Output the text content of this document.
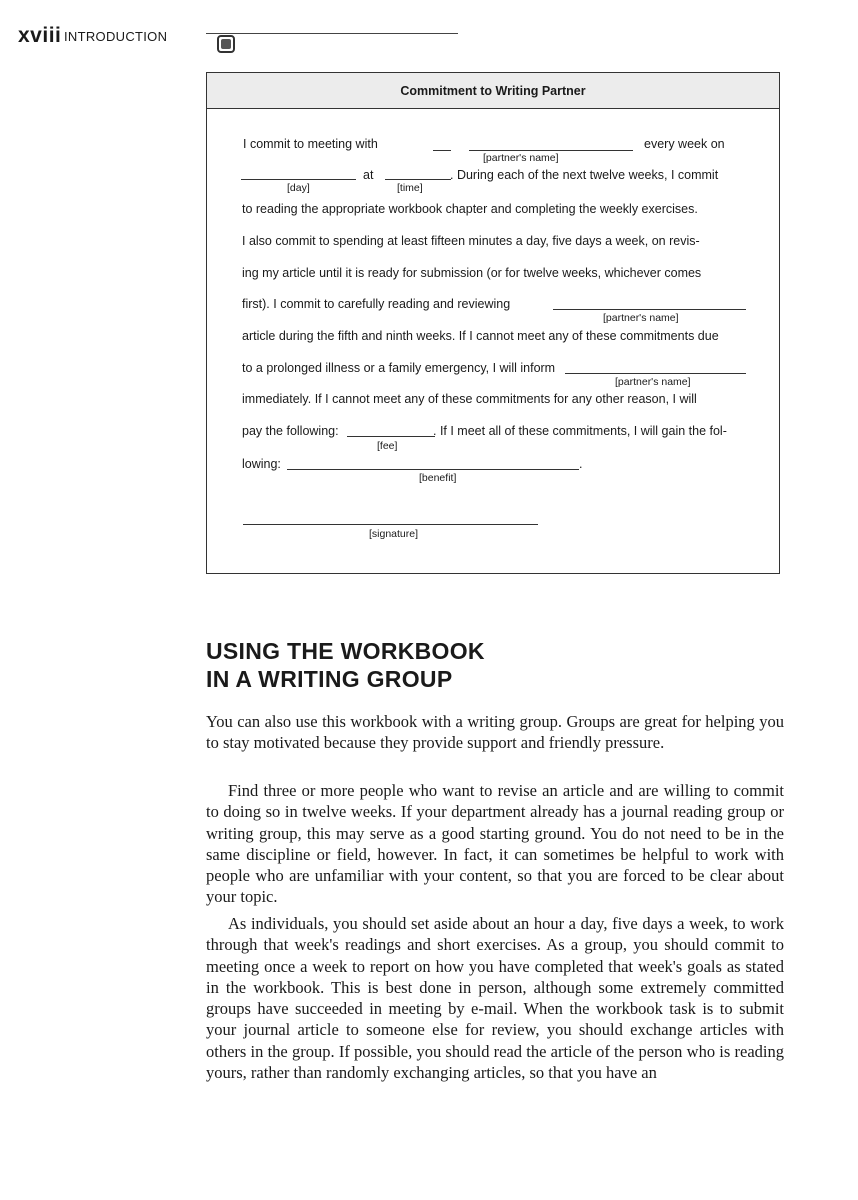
xviii INTRODUCTION
Commitment to Writing Partner
I commit to meeting with	every week on
[partner's name]
at	. During each of the next twelve weeks, I commit
[day]	[time]
to reading the appropriate workbook chapter and completing the weekly exercises.
I also commit to spending at least fifteen minutes a day, five days a week, on revis-
ing my article until it is ready for submission (or for twelve weeks, whichever comes
first). I commit to carefully reading and reviewing
[partner's name]
article during the fifth and ninth weeks. If I cannot meet any of these commitments due
to a prolonged illness or a family emergency, I will inform
[partner's name]
immediately. If I cannot meet any of these commitments for any other reason, I will
pay the following:	. If I meet all of these commitments, I will gain the fol-
[fee]
lowing:	.
[benefit]
[signature]
USING THE WORKBOOK
IN A WRITING GROUP
You can also use this workbook with a writing group. Groups are great for helping you to stay motivated because they provide support and friendly pressure.
Find three or more people who want to revise an article and are willing to commit to doing so in twelve weeks. If your department already has a journal reading group or writing group, this may serve as a good starting ground. You do not need to be in the same discipline or field, however. In fact, it can sometimes be helpful to work with people who are unfamiliar with your content, so that you are forced to be clear about your topic.
As individuals, you should set aside about an hour a day, five days a week, to work through that week's readings and short exercises. As a group, you should commit to meeting once a week to report on how you have completed that week's goals as stated in the workbook. This is best done in person, although some extremely committed groups have succeeded in meeting by e-mail. When the workbook task is to submit your journal article to someone else for review, you should exchange articles with others in the group. If possible, you should read the article of the person who is reading yours, rather than randomly exchanging articles, so that you have an
